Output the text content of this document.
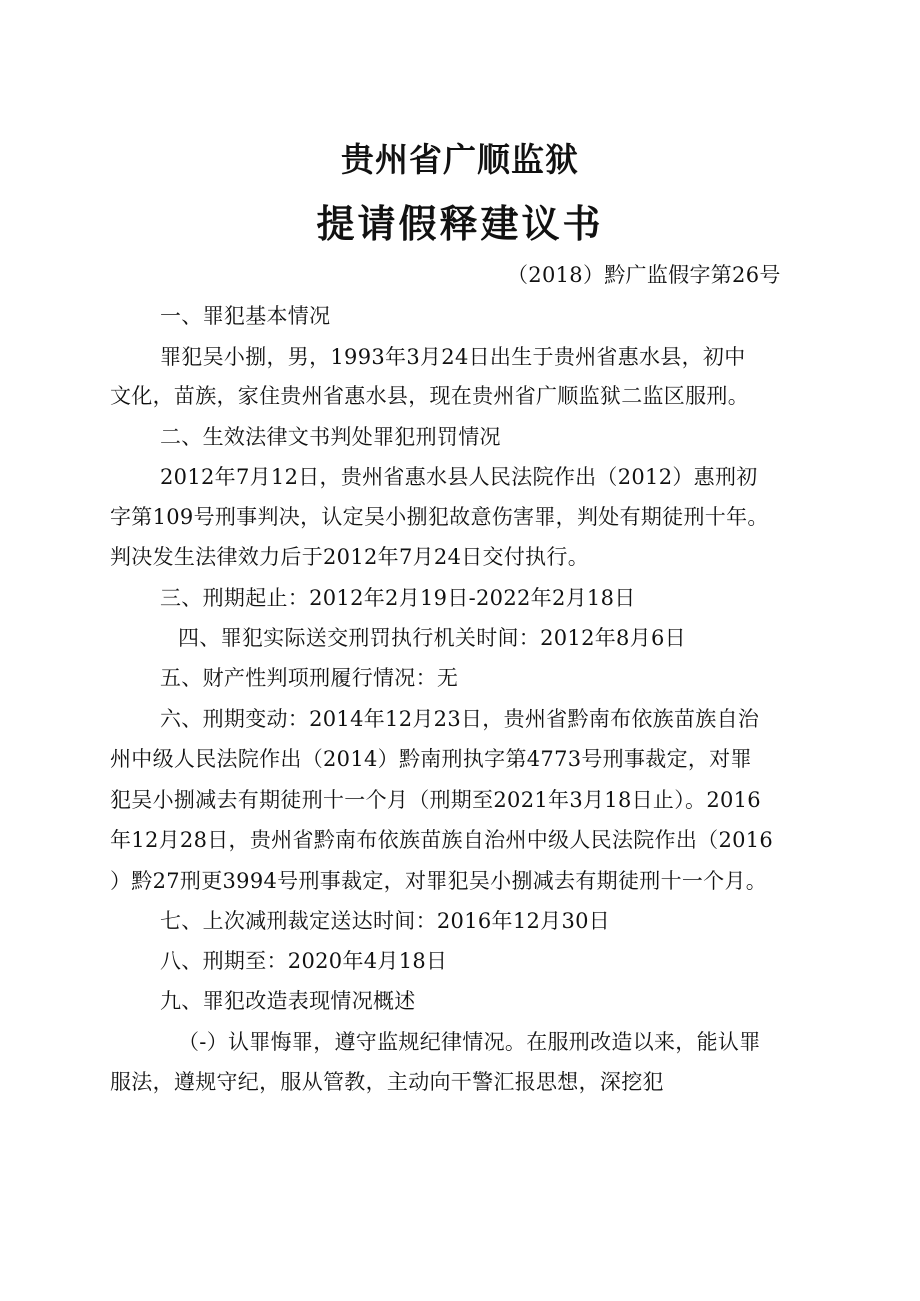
贵州省广顺监狱
提请假释建议书

（2018）黔广监假字第26号

一、罪犯基本情况

罪犯吴小捌，男，1993年3月24日出生于贵州省惠水县，初中

文化，苗族，家住贵州省惠水县，现在贵州省广顺监狱二监区服刑。

二、生效法律文书判处罪犯刑罚情况

2012年7月12日，贵州省惠水县人民法院作出（2012）惠刑初

字第109号刑事判决，认定吴小捌犯故意伤害罪，判处有期徒刑十年。

判决发生法律效力后于2012年7月24日交付执行。

三、刑期起止：2012年2月19日-2022年2月18日

四、罪犯实际送交刑罚执行机关时间：2012年8月6日

五、财产性判项刑履行情况：无

六、刑期变动：2014年12月23日，贵州省黔南布依族苗族自治

州中级人民法院作出（2014）黔南刑执字第4773号刑事裁定，对罪

犯吴小捌减去有期徒刑十一个月（刑期至2021年3月18日止）。2016

年12月28日，贵州省黔南布依族苗族自治州中级人民法院作出（2016

）黔27刑更3994号刑事裁定，对罪犯吴小捌减去有期徒刑十一个月。

七、上次减刑裁定送达时间：2016年12月30日

八、刑期至：2020年4月18日

九、罪犯改造表现情况概述

（-）认罪悔罪，遵守监规纪律情况。在服刑改造以来，能认罪

服法，遵规守纪，服从管教，主动向干警汇报思想，深挖犯
